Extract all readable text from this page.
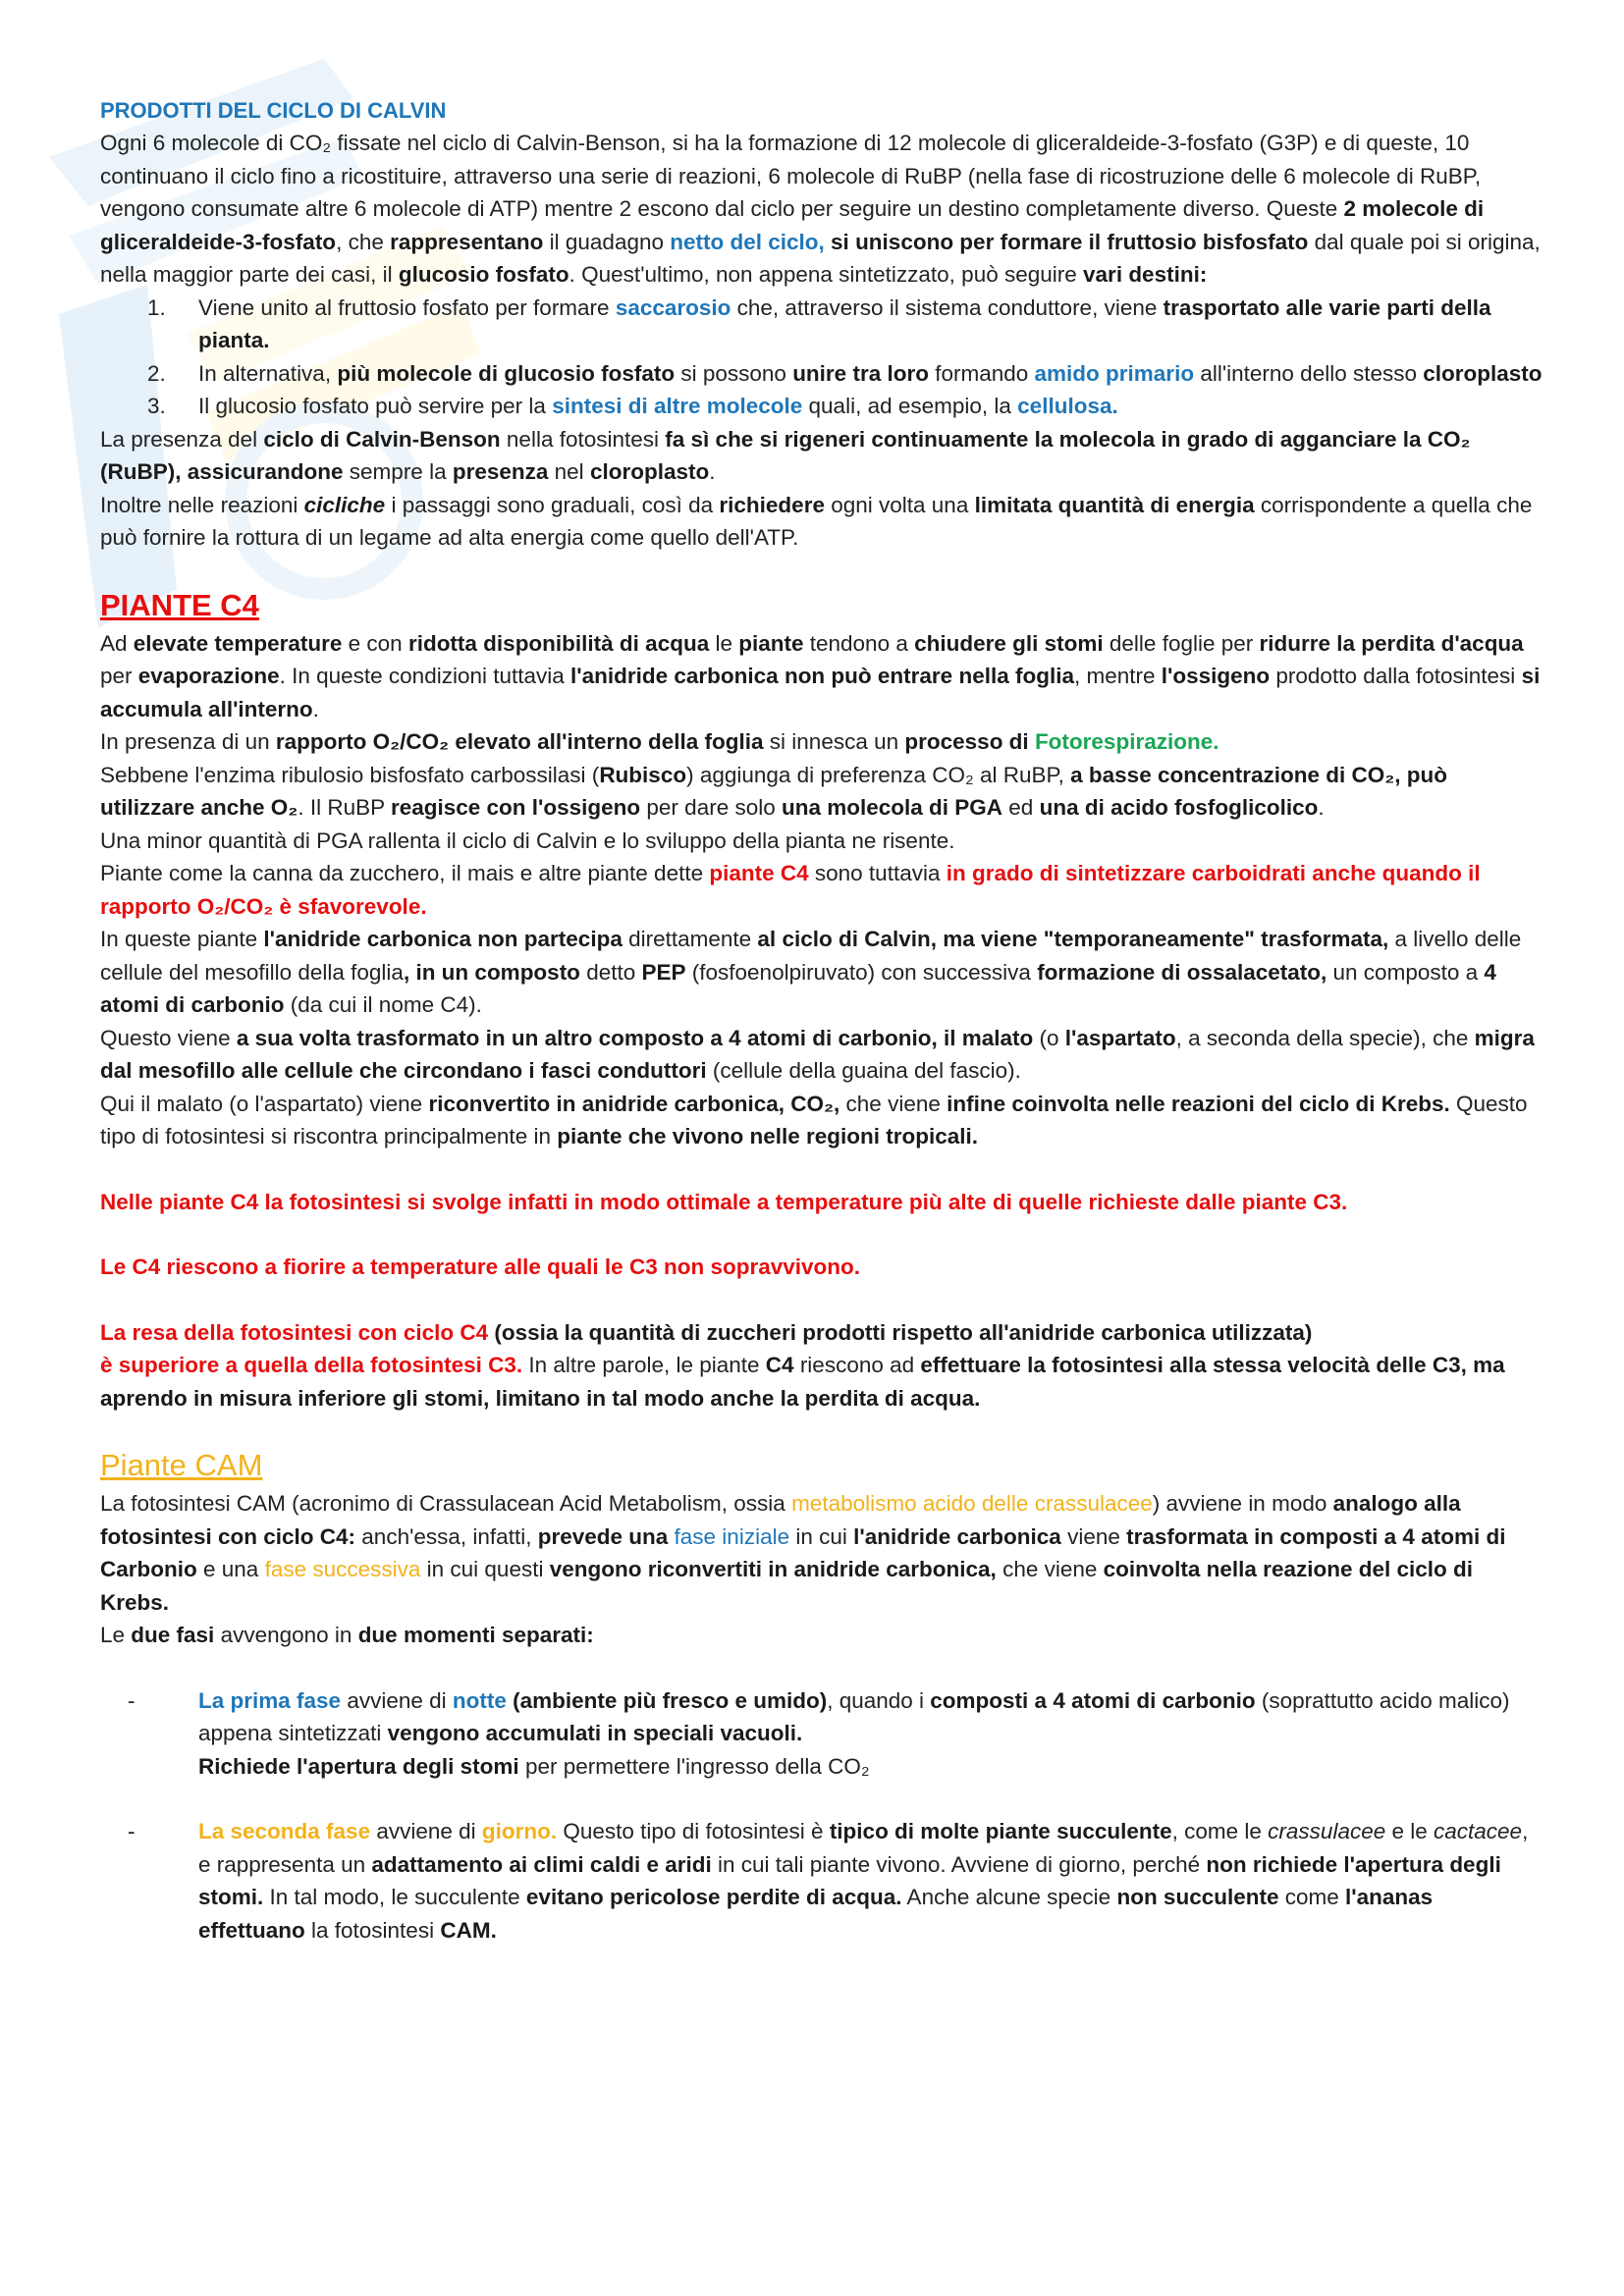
PRODOTTI DEL CICLO DI CALVIN

Ogni 6 molecole di CO₂ fissate nel ciclo di Calvin-Benson, si ha la formazione di 12 molecole di gliceraldeide-3-fosfato (G3P) e di queste, 10 continuano il ciclo fino a ricostituire, attraverso una serie di reazioni, 6 molecole di RuBP (nella fase di ricostruzione delle 6 molecole di RuBP, vengono consumate altre 6 molecole di ATP) mentre 2 escono dal ciclo per seguire un destino completamente diverso. Queste 2 molecole di gliceraldeide-3-fosfato, che rappresentano il guadagno netto del ciclo, si uniscono per formare il fruttosio bisfosfato dal quale poi si origina, nella maggior parte dei casi, il glucosio fosfato. Quest'ultimo, non appena sintetizzato, può seguire vari destini:

1.	Viene unito al fruttosio fosfato per formare saccarosio che, attraverso il sistema conduttore, viene trasportato alle varie parti della pianta.
2.	In alternativa, più molecole di glucosio fosfato si possono unire tra loro formando amido primario all'interno dello stesso cloroplasto
3.	Il glucosio fosfato può servire per la sintesi di altre molecole quali, ad esempio, la cellulosa.

La presenza del ciclo di Calvin-Benson nella fotosintesi fa sì che si rigeneri continuamente la molecola in grado di agganciare la CO₂ (RuBP), assicurandone sempre la presenza nel cloroplasto.

Inoltre nelle reazioni cicliche i passaggi sono graduali, così da richiedere ogni volta una limitata quantità di energia corrispondente a quella che può fornire la rottura di un legame ad alta energia come quello dell'ATP.

PIANTE C4

Ad elevate temperature e con ridotta disponibilità di acqua le piante tendono a chiudere gli stomi delle foglie per ridurre la perdita d'acqua per evaporazione. In queste condizioni tuttavia l'anidride carbonica non può entrare nella foglia, mentre l'ossigeno prodotto dalla fotosintesi si accumula all'interno.

In presenza di un rapporto O₂/CO₂ elevato all'interno della foglia si innesca un processo di Fotorespirazione.

Sebbene l'enzima ribulosio bisfosfato carbossilasi (Rubisco) aggiunga di preferenza CO₂ al RuBP, a basse concentrazione di CO₂, può utilizzare anche O₂. Il RuBP reagisce con l'ossigeno per dare solo una molecola di PGA ed una di acido fosfoglicolico.

Una minor quantità di PGA rallenta il ciclo di Calvin e lo sviluppo della pianta ne risente.

Piante come la canna da zucchero, il mais e altre piante dette piante C4 sono tuttavia in grado di sintetizzare carboidrati anche quando il rapporto O₂/CO₂ è sfavorevole.

In queste piante l'anidride carbonica non partecipa direttamente al ciclo di Calvin, ma viene "temporaneamente" trasformata, a livello delle cellule del mesofillo della foglia, in un composto detto PEP (fosfoenolpiruvato) con successiva formazione di ossalacetato, un composto a 4 atomi di carbonio (da cui il nome C4).

Questo viene a sua volta trasformato in un altro composto a 4 atomi di carbonio, il malato (o l'aspartato, a seconda della specie), che migra dal mesofillo alle cellule che circondano i fasci conduttori (cellule della guaina del fascio).

Qui il malato (o l'aspartato) viene riconvertito in anidride carbonica, CO₂, che viene infine coinvolta nelle reazioni del ciclo di Krebs. Questo tipo di fotosintesi si riscontra principalmente in piante che vivono nelle regioni tropicali.

Nelle piante C4 la fotosintesi si svolge infatti in modo ottimale a temperature più alte di quelle richieste dalle piante C3.

Le C4 riescono a fiorire a temperature alle quali le C3 non sopravvivono.

La resa della fotosintesi con ciclo C4 (ossia la quantità di zuccheri prodotti rispetto all'anidride carbonica utilizzata)
è superiore a quella della fotosintesi C3. In altre parole, le piante C4 riescono ad effettuare la fotosintesi alla stessa velocità delle C3, ma aprendo in misura inferiore gli stomi, limitano in tal modo anche la perdita di acqua.

Piante CAM

La fotosintesi CAM (acronimo di Crassulacean Acid Metabolism, ossia metabolismo acido delle crassulacee) avviene in modo analogo alla fotosintesi con ciclo C4: anch'essa, infatti, prevede una fase iniziale in cui l'anidride carbonica viene trasformata in composti a 4 atomi di Carbonio e una fase successiva in cui questi vengono riconvertiti in anidride carbonica, che viene coinvolta nella reazione del ciclo di Krebs.

Le due fasi avvengono in due momenti separati:

-	La prima fase avviene di notte (ambiente più fresco e umido), quando i composti a 4 atomi di carbonio (soprattutto acido malico) appena sintetizzati vengono accumulati in speciali vacuoli.
Richiede l'apertura degli stomi per permettere l'ingresso della CO₂
-	La seconda fase avviene di giorno. Questo tipo di fotosintesi è tipico di molte piante succulente, come le crassulacee e le cactacee, e rappresenta un adattamento ai climi caldi e aridi in cui tali piante vivono. Avviene di giorno, perché non richiede l'apertura degli stomi. In tal modo, le succulente evitano pericolose perdite di acqua. Anche alcune specie non succulente come l'ananas effettuano la fotosintesi CAM.
